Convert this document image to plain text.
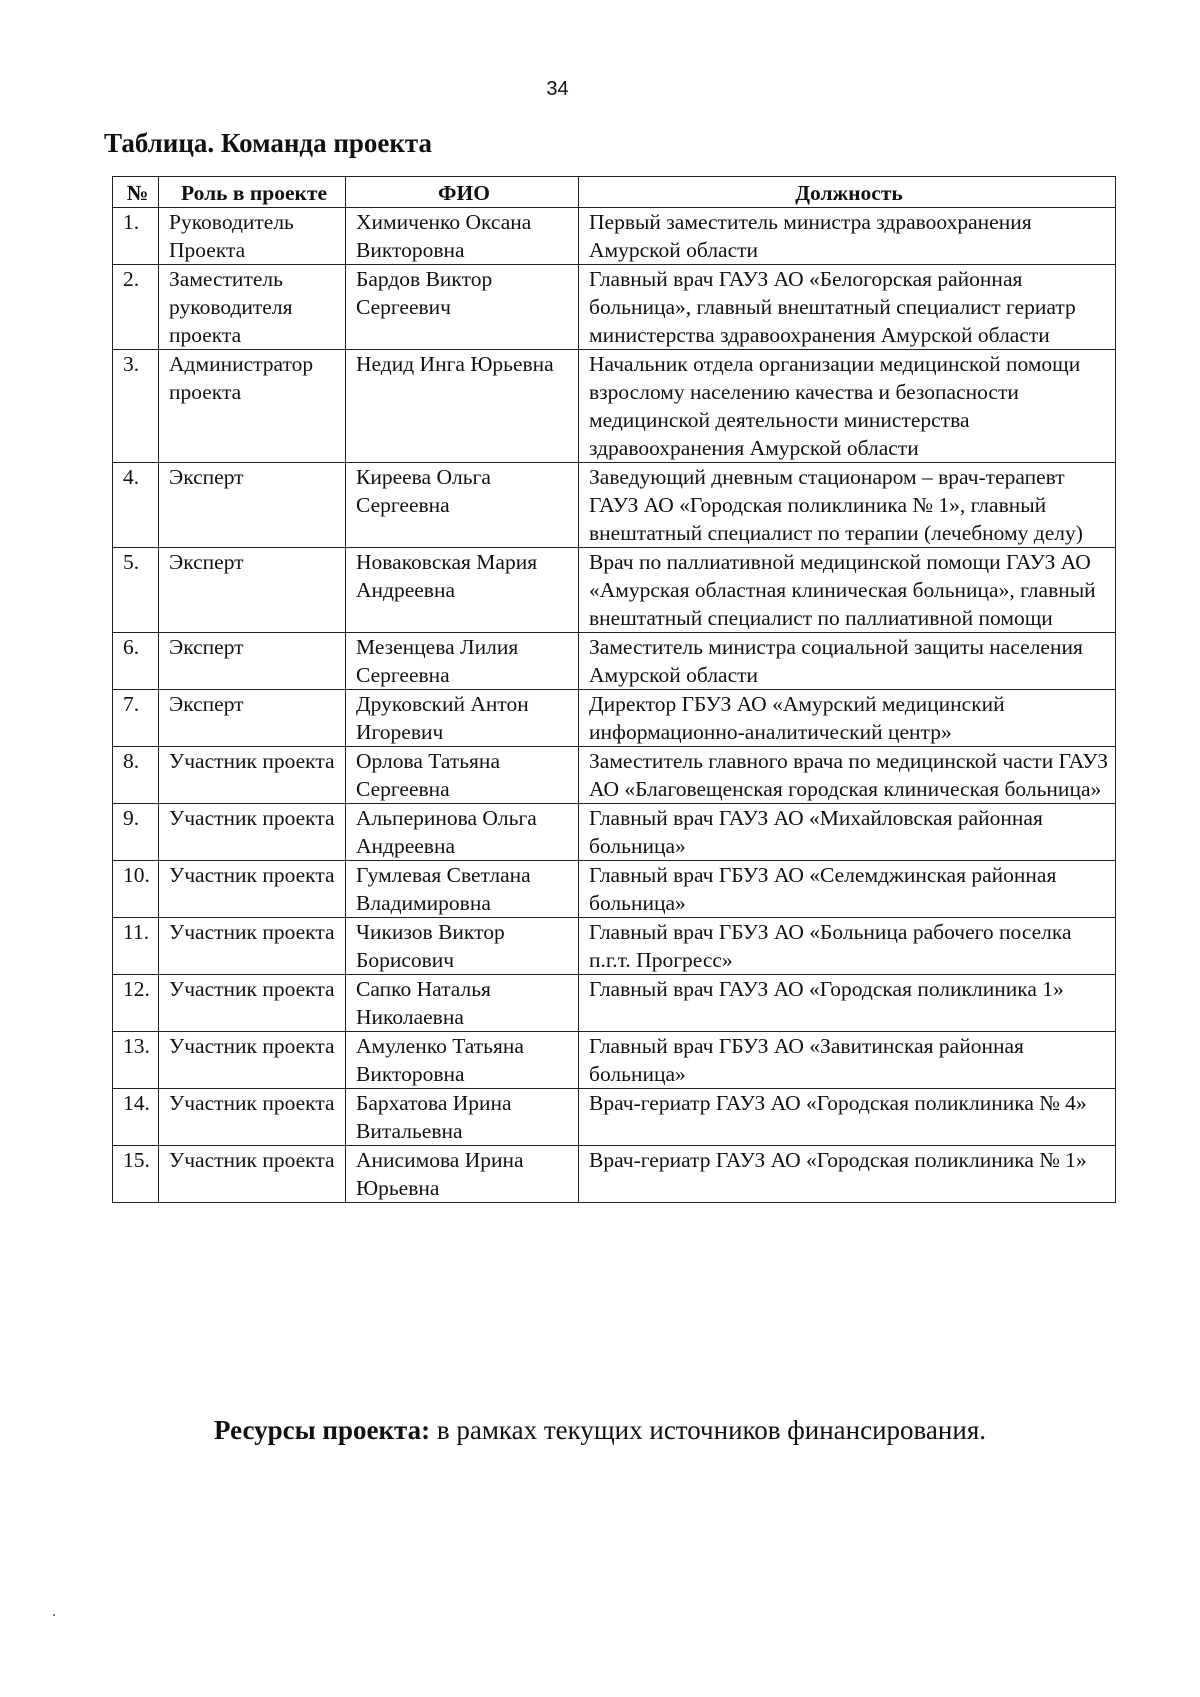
34
Таблица. Команда проекта
№	Роль в проекте	ФИО	Должность
1.	Руководитель Проекта	Химиченко Оксана Викторовна	Первый заместитель министра здравоохранения Амурской области
2.	Заместитель руководителя проекта	Бардов Виктор Сергеевич	Главный врач ГАУЗ АО «Белогорская районная больница», главный внештатный специалист гериатр министерства здравоохранения Амурской области
3.	Администратор проекта	Недид Инга Юрьевна	Начальник отдела организации медицинской помощи взрослому населению качества и безопасности медицинской деятельности министерства здравоохранения Амурской области
4.	Эксперт	Киреева Ольга Сергеевна	Заведующий дневным стационаром – врач-терапевт ГАУЗ АО «Городская поликлиника № 1», главный внештатный специалист по терапии (лечебному делу)
5.	Эксперт	Новаковская Мария Андреевна	Врач по паллиативной медицинской помощи ГАУЗ АО «Амурская областная клиническая больница», главный внештатный специалист по паллиативной помощи
6.	Эксперт	Мезенцева Лилия Сергеевна	Заместитель министра социальной защиты населения Амурской области
7.	Эксперт	Друковский Антон Игоревич	Директор ГБУЗ АО «Амурский медицинский информационно-аналитический центр»
8.	Участник проекта	Орлова Татьяна Сергеевна	Заместитель главного врача по медицинской части ГАУЗ АО «Благовещенская городская клиническая больница»
9.	Участник проекта	Альперинова Ольга Андреевна	Главный врач ГАУЗ АО «Михайловская районная больница»
10.	Участник проекта	Гумлевая Светлана Владимировна	Главный врач ГБУЗ АО «Селемджинская районная больница»
11.	Участник проекта	Чикизов Виктор Борисович	Главный врач ГБУЗ АО «Больница рабочего поселка п.г.т. Прогресс»
12.	Участник проекта	Сапко Наталья Николаевна	Главный врач ГАУЗ АО «Городская поликлиника 1»
13.	Участник проекта	Амуленко Татьяна Викторовна	Главный врач ГБУЗ АО «Завитинская районная больница»
14.	Участник проекта	Бархатова Ирина Витальевна	Врач-гериатр ГАУЗ АО «Городская поликлиника № 4»
15.	Участник проекта	Анисимова Ирина Юрьевна	Врач-гериатр ГАУЗ АО «Городская поликлиника № 1»
Ресурсы проекта: в рамках текущих источников финансирования.
